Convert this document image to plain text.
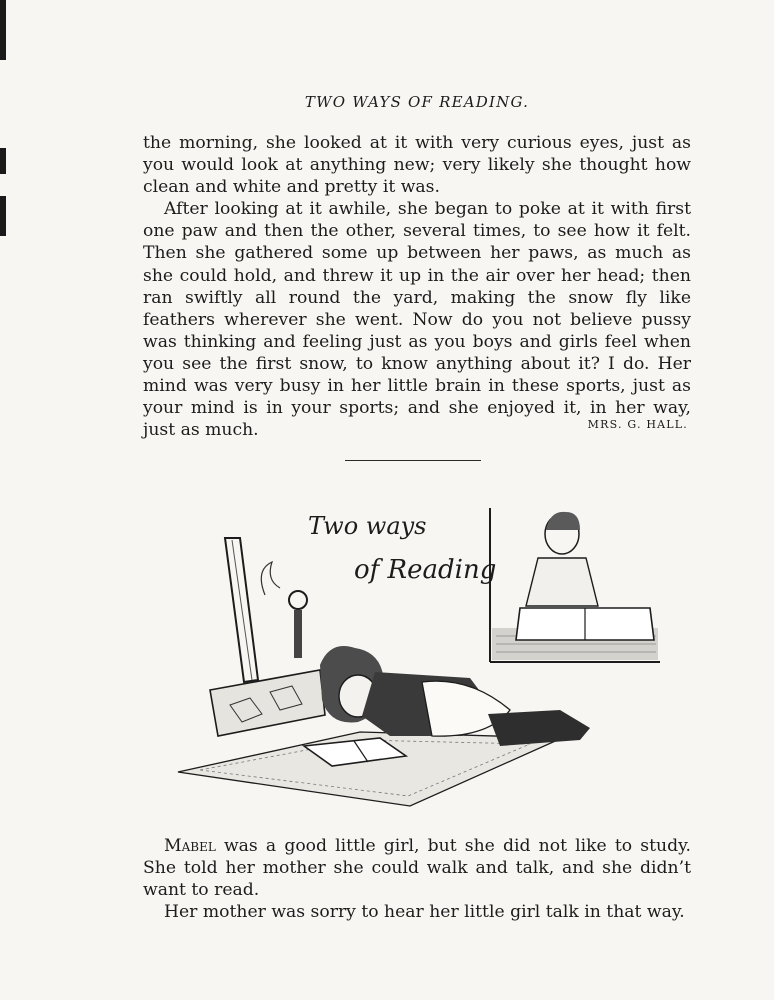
TWO WAYS OF READING.

the morning, she looked at it with very curious eyes, just as you would look at anything new; very likely she thought how clean and white and pretty it was.

After looking at it awhile, she began to poke at it with first one paw and then the other, several times, to see how it felt. Then she gathered some up between her paws, as much as she could hold, and threw it up in the air over her head; then ran swiftly all round the yard, making the snow fly like feathers wherever she went. Now do you not believe pussy was thinking and feeling just as you boys and girls feel when you see the first snow, to know anything about it? I do. Her mind was very busy in her little brain in these sports, just as your mind is in your sports; and she enjoyed it, in her way, just as much.	MRS. G. HALL.
Two ways
of Reading

Mabel was a good little girl, but she did not like to study. She told her mother she could walk and talk, and she didn’t want to read.

Her mother was sorry to hear her little girl talk in that way.
